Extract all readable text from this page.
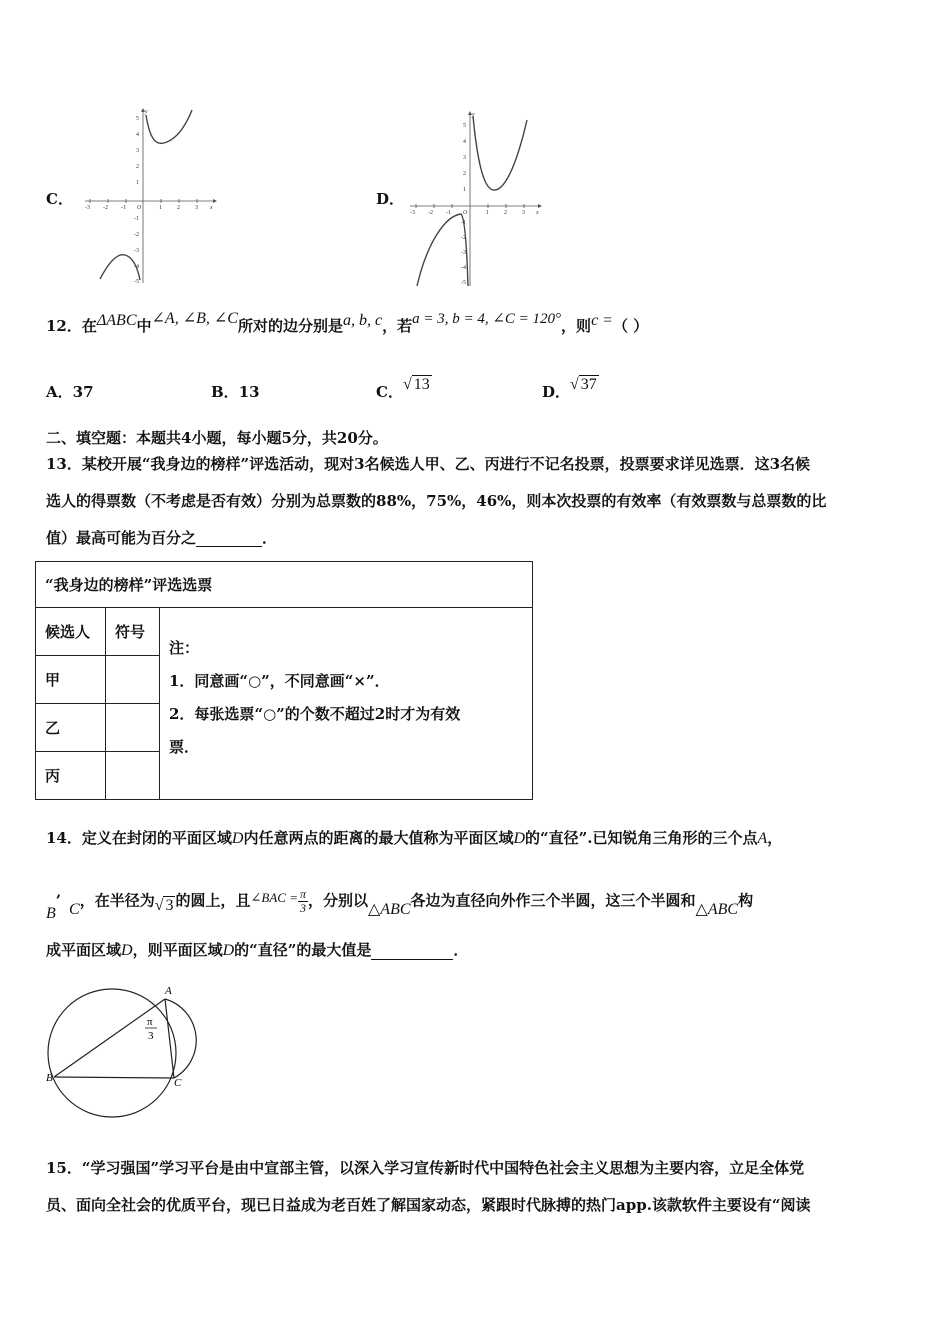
C． -3 -2 -1 O	1	2	3 x
y
5
4
3
2
1
-1
-2
-3
-4
-5
D．
-3 -2 -1 O	1	2	3 x
y
5
4
3
2
1
-1
-2
-3
-4
-5
12．在ΔABC中∠A, ∠B, ∠C所对的边分别是a, b, c，若a = 3, b = 4, ∠C = 120°，则c =（ ）
A．37	B．13	C．√ 13	D．√ 37
二、填空题：本题共4小题，每小题5分，共20分。
13．某校开展“我身边的榜样”评选活动，现对3名候选人甲、乙、丙进行不记名投票，投票要求详见选票．这3名候
选人的得票数（不考虑是否有效）分别为总票数的88%，75%，46%，则本次投票的有效率（有效票数与总票数的比
值）最高可能为百分之	．
“我身边的榜样”评选选票		
候选人	符号	注：
1．同意画“○”，不同意画“×”．
2．每张选票“○”的个数不超过2时才为有效
票．

甲		
乙		
丙		
14．定义在封闭的平面区域D内任意两点的距离的最大值称为平面区域D的“直径”.已知锐角三角形的三个点A，
B’ C，在半径为√ 3 的圆上，且∠BAC = $\frac{\pi}{3}$ ，分别以△ABC各边为直径向外作三个半圆，这三个半圆和△ABC构
成平面区域D，则平面区域D的“直径”的最大值是	．
A
B	C
π
3
15．“学习强国”学习平台是由中宣部主管，以深入学习宣传新时代中国特色社会主义思想为主要内容，立足全体党
员、面向全社会的优质平台，现已日益成为老百姓了解国家动态，紧跟时代脉搏的热门app.该款软件主要设有“阅读
